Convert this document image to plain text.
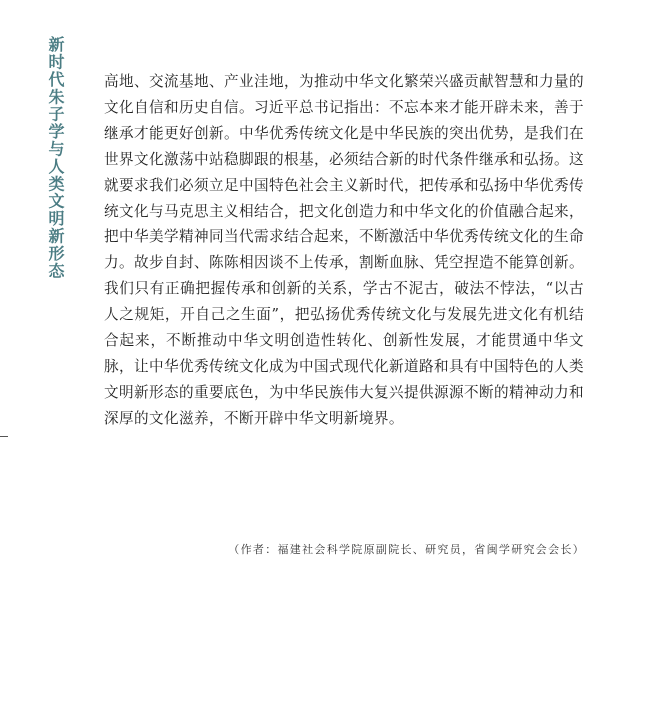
新时代朱子学与人类文明新形态	高地、交流基地、产业洼地，为推动中华文化繁荣兴盛贡献智慧和力量的文化自信和历史自信。习近平总书记指出：不忘本来才能开辟未来，善于继承才能更好创新。中华优秀传统文化是中华民族的突出优势，是我们在世界文化激荡中站稳脚跟的根基，必须结合新的时代条件继承和弘扬。这就要求我们必须立足中国特色社会主义新时代，把传承和弘扬中华优秀传统文化与马克思主义相结合，把文化创造力和中华文化的价值融合起来，把中华美学精神同当代需求结合起来，不断激活中华优秀传统文化的生命力。故步自封、陈陈相因谈不上传承，割断血脉、凭空捏造不能算创新。我们只有正确把握传承和创新的关系，学古不泥古，破法不悖法，“以古人之规矩，开自己之生面”，把弘扬优秀传统文化与发展先进文化有机结合起来，不断推动中华文明创造性转化、创新性发展，才能贯通中华文脉，让中华优秀传统文化成为中国式现代化新道路和具有中国特色的人类文明新形态的重要底色，为中华民族伟大复兴提供源源不断的精神动力和深厚的文化滋养，不断开辟中华文明新境界。

（作者：福建社会科学院原副院长、研究员，省闽学研究会会长）
